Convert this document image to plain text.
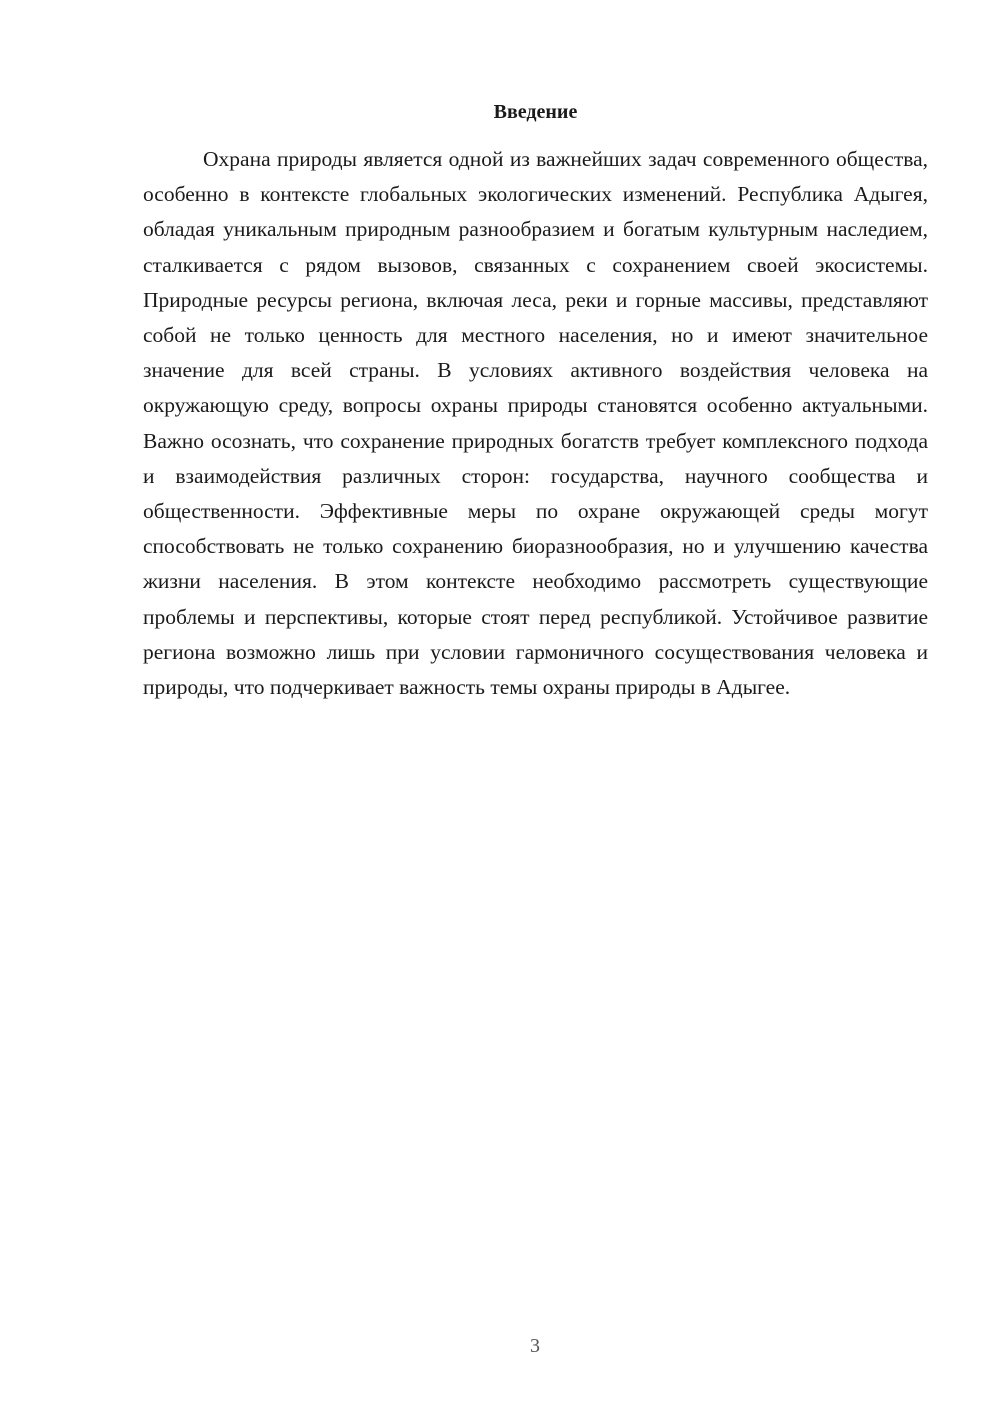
Введение

Охрана природы является одной из важнейших задач современного общества, особенно в контексте глобальных экологических изменений. Республика Адыгея, обладая уникальным природным разнообразием и богатым культурным наследием, сталкивается с рядом вызовов, связанных с сохранением своей экосистемы. Природные ресурсы региона, включая леса, реки и горные массивы, представляют собой не только ценность для местного населения, но и имеют значительное значение для всей страны. В условиях активного воздействия человека на окружающую среду, вопросы охраны природы становятся особенно актуальными. Важно осознать, что сохранение природных богатств требует комплексного подхода и взаимодействия различных сторон: государства, научного сообщества и общественности. Эффективные меры по охране окружающей среды могут способствовать не только сохранению биоразнообразия, но и улучшению качества жизни населения. В этом контексте необходимо рассмотреть существующие проблемы и перспективы, которые стоят перед республикой. Устойчивое развитие региона возможно лишь при условии гармоничного сосуществования человека и природы, что подчеркивает важность темы охраны природы в Адыгее.

3
